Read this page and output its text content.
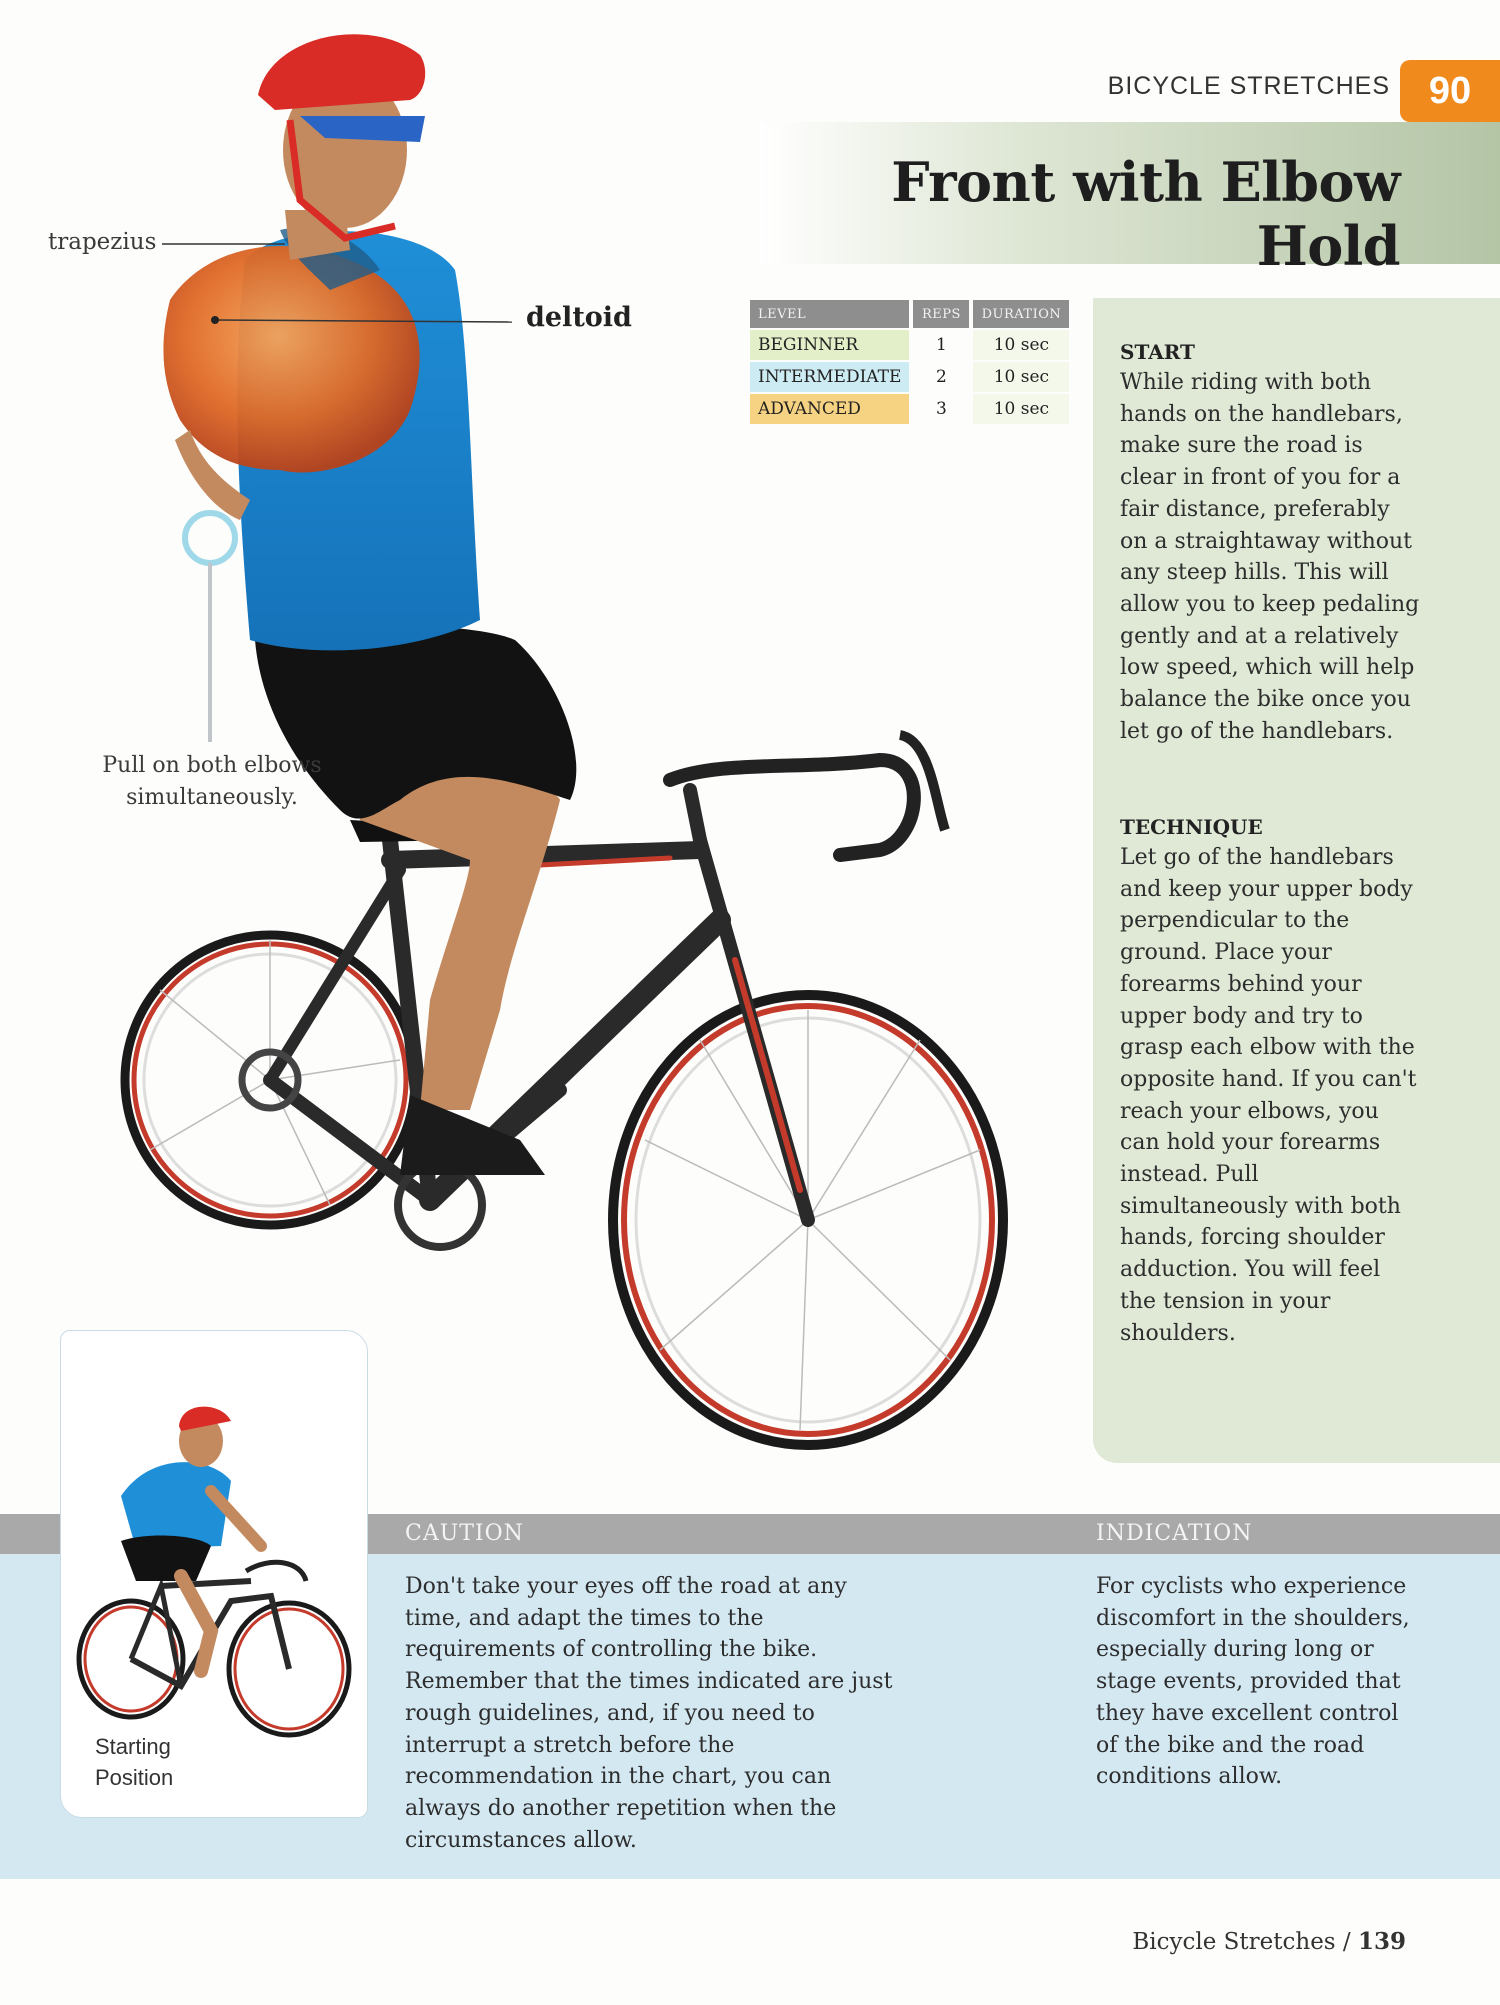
BICYCLE STRETCHES	90
Front with Elbow Hold
START
While riding with both hands on the handlebars, make sure the road is clear in front of you for a fair distance, preferably on a straightaway without any steep hills. This will allow you to keep pedaling gently and at a relatively low speed, which will help balance the bike once you let go of the handlebars.
TECHNIQUE
Let go of the handlebars and keep your upper body perpendicular to the ground. Place your forearms behind your upper body and try to grasp each elbow with the opposite hand. If you can't reach your elbows, you can hold your forearms instead. Pull simultaneously with both hands, forcing shoulder adduction. You will feel the tension in your shoulders.
trapezius
deltoid
Pull on both elbows simultaneously.
LEVEL	REPS	DURATION
BEGINNER	1	10 sec
INTERMEDIATE	2	10 sec
ADVANCED	3	10 sec
CAUTION	INDICATION
Don't take your eyes off the road at any time, and adapt the times to the requirements of controlling the bike. Remember that the times indicated are just rough guidelines, and, if you need to interrupt a stretch before the recommendation in the chart, you can always do another repetition when the circumstances allow.
For cyclists who experience discomfort in the shoulders, especially during long or stage events, provided that they have excellent control of the bike and the road conditions allow.
Starting Position
Bicycle Stretches / 139
